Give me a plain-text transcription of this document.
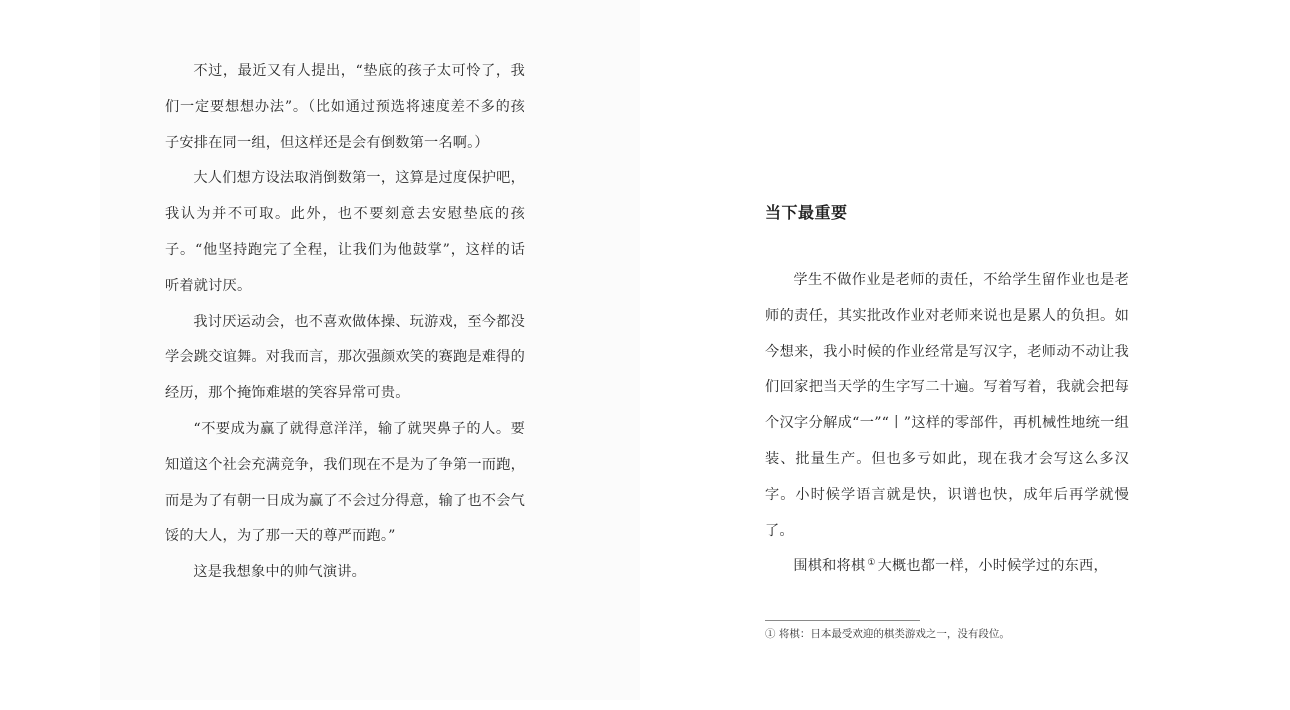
不过，最近又有人提出，“垫底的孩子太可怜了，我们一定要想想办法”。（比如通过预选将速度差不多的孩子安排在同一组，但这样还是会有倒数第一名啊。）

大人们想方设法取消倒数第一，这算是过度保护吧，我认为并不可取。此外，也不要刻意去安慰垫底的孩子。“他坚持跑完了全程，让我们为他鼓掌”，这样的话听着就讨厌。

我讨厌运动会，也不喜欢做体操、玩游戏，至今都没学会跳交谊舞。对我而言，那次强颜欢笑的赛跑是难得的经历，那个掩饰难堪的笑容异常可贵。

“不要成为赢了就得意洋洋，输了就哭鼻子的人。要知道这个社会充满竞争，我们现在不是为了争第一而跑，而是为了有朝一日成为赢了不会过分得意，输了也不会气馁的大人，为了那一天的尊严而跑。”

这是我想象中的帅气演讲。

当下最重要

学生不做作业是老师的责任，不给学生留作业也是老师的责任，其实批改作业对老师来说也是累人的负担。如今想来，我小时候的作业经常是写汉字，老师动不动让我们回家把当天学的生字写二十遍。写着写着，我就会把每个汉字分解成“一”“丨”这样的零部件，再机械性地统一组装、批量生产。但也多亏如此，现在我才会写这么多汉字。小时候学语言就是快，识谱也快，成年后再学就慢了。

围棋和将棋 ① 大概也都一样，小时候学过的东西，

① 将棋：日本最受欢迎的棋类游戏之一，没有段位。
